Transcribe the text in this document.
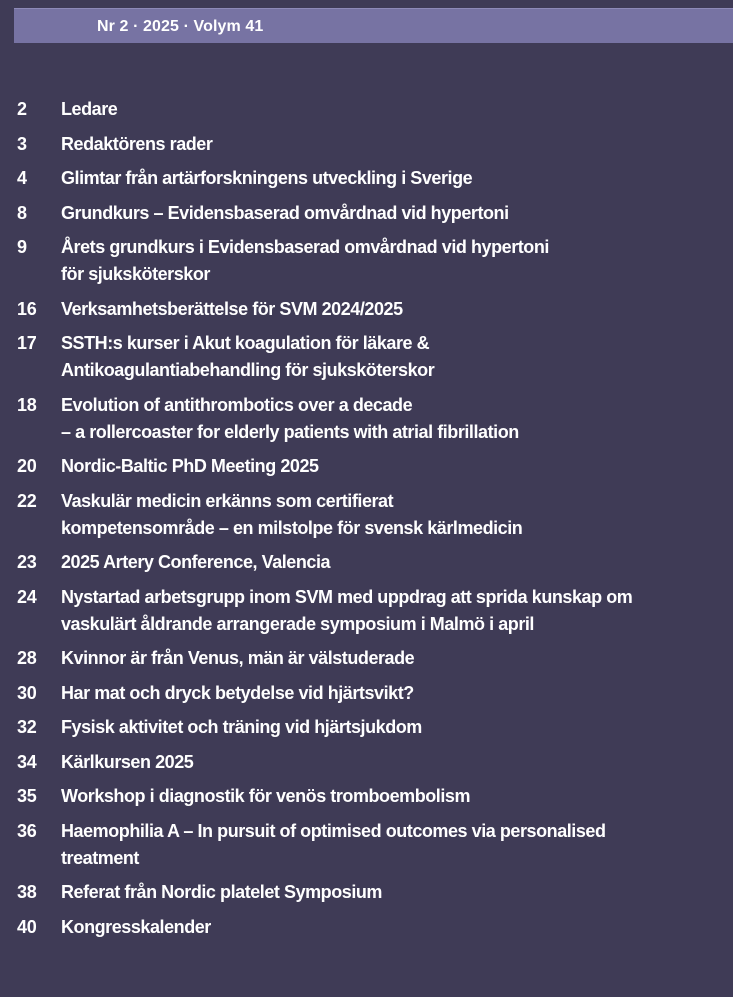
Nr 2 · 2025 · Volym 41
2	Ledare
3	Redaktörens rader
4	Glimtar från artärforskningens utveckling i Sverige
8	Grundkurs – Evidensbaserad omvårdnad vid hypertoni
9	Årets grundkurs i Evidensbaserad omvårdnad vid hypertoni
för sjuksköterskor
16	Verksamhetsberättelse för SVM 2024/2025
17	SSTH:s kurser i Akut koagulation för läkare &
Antikoagulantiabehandling för sjuksköterskor
18	Evolution of antithrombotics over a decade
– a rollercoaster for elderly patients with atrial fibrillation
20	Nordic-Baltic PhD Meeting 2025
22	Vaskulär medicin erkänns som certifierat
kompetensområde – en milstolpe för svensk kärlmedicin
23	2025 Artery Conference, Valencia
24	Nystartad arbetsgrupp inom SVM med uppdrag att sprida kunskap om
vaskulärt åldrande arrangerade symposium i Malmö i april
28	Kvinnor är från Venus, män är välstuderade
30	Har mat och dryck betydelse vid hjärtsvikt?
32	Fysisk aktivitet och träning vid hjärtsjukdom
34	Kärlkursen 2025
35	Workshop i diagnostik för venös tromboembolism
36	Haemophilia A – In pursuit of optimised outcomes via personalised
treatment
38	Referat från Nordic platelet Symposium
40	Kongresskalender
